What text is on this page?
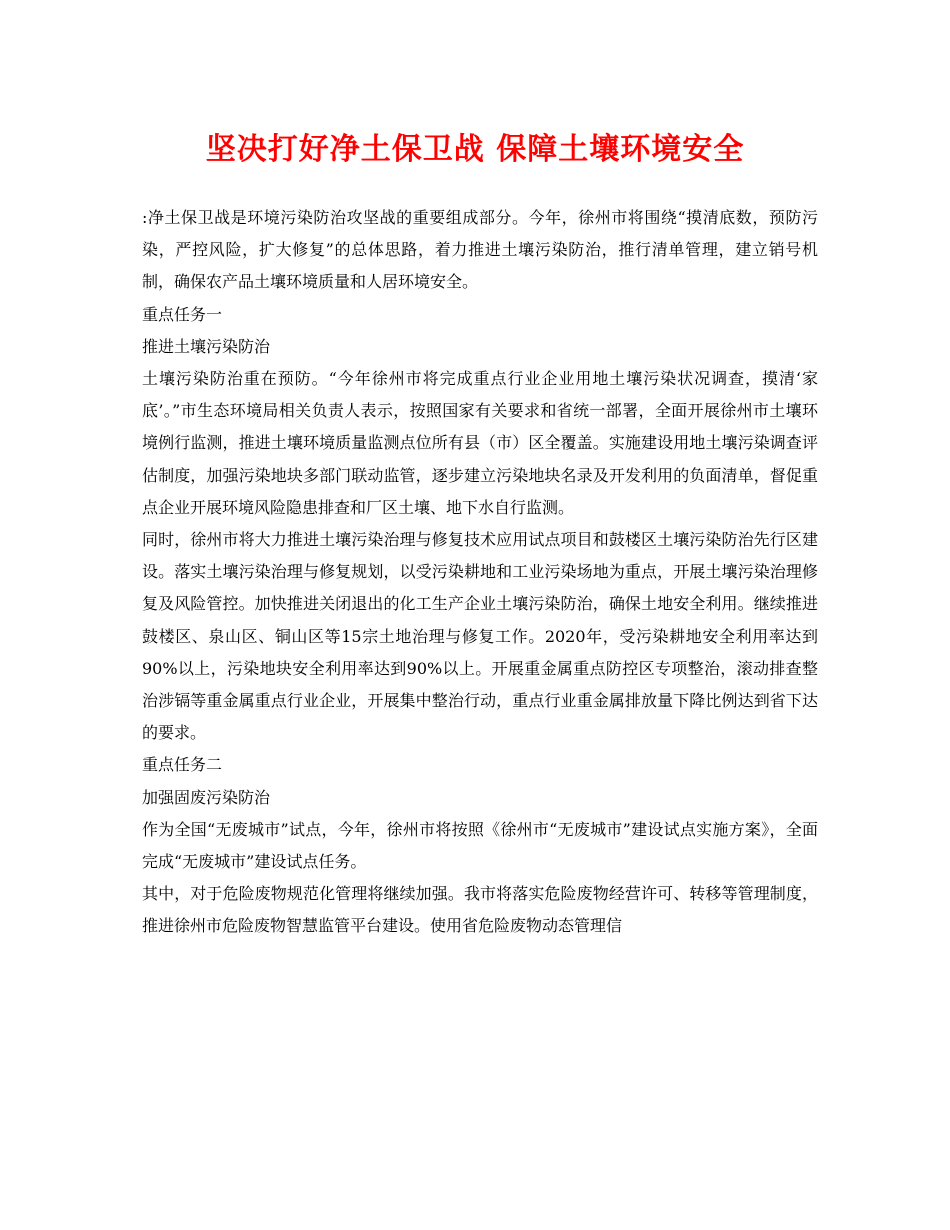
坚决打好净土保卫战 保障土壤环境安全

:净土保卫战是环境污染防治攻坚战的重要组成部分。今年，徐州市将围绕“摸清底数，预防污染，严控风险，扩大修复”的总体思路，着力推进土壤污染防治，推行清单管理，建立销号机制，确保农产品土壤环境质量和人居环境安全。

重点任务一

推进土壤污染防治

土壤污染防治重在预防。“今年徐州市将完成重点行业企业用地土壤污染状况调查，摸清‘家底’。”市生态环境局相关负责人表示，按照国家有关要求和省统一部署，全面开展徐州市土壤环境例行监测，推进土壤环境质量监测点位所有县（市）区全覆盖。实施建设用地土壤污染调查评估制度，加强污染地块多部门联动监管，逐步建立污染地块名录及开发利用的负面清单，督促重点企业开展环境风险隐患排查和厂区土壤、地下水自行监测。

同时，徐州市将大力推进土壤污染治理与修复技术应用试点项目和鼓楼区土壤污染防治先行区建设。落实土壤污染治理与修复规划，以受污染耕地和工业污染场地为重点，开展土壤污染治理修复及风险管控。加快推进关闭退出的化工生产企业土壤污染防治，确保土地安全利用。继续推进鼓楼区、泉山区、铜山区等15宗土地治理与修复工作。2020年，受污染耕地安全利用率达到90%以上，污染地块安全利用率达到90%以上。开展重金属重点防控区专项整治，滚动排查整治涉镉等重金属重点行业企业，开展集中整治行动，重点行业重金属排放量下降比例达到省下达的要求。

重点任务二

加强固废污染防治

作为全国“无废城市”试点，今年，徐州市将按照《徐州市“无废城市”建设试点实施方案》，全面完成“无废城市”建设试点任务。

其中，对于危险废物规范化管理将继续加强。我市将落实危险废物经营许可、转移等管理制度，推进徐州市危险废物智慧监管平台建设。使用省危险废物动态管理信
